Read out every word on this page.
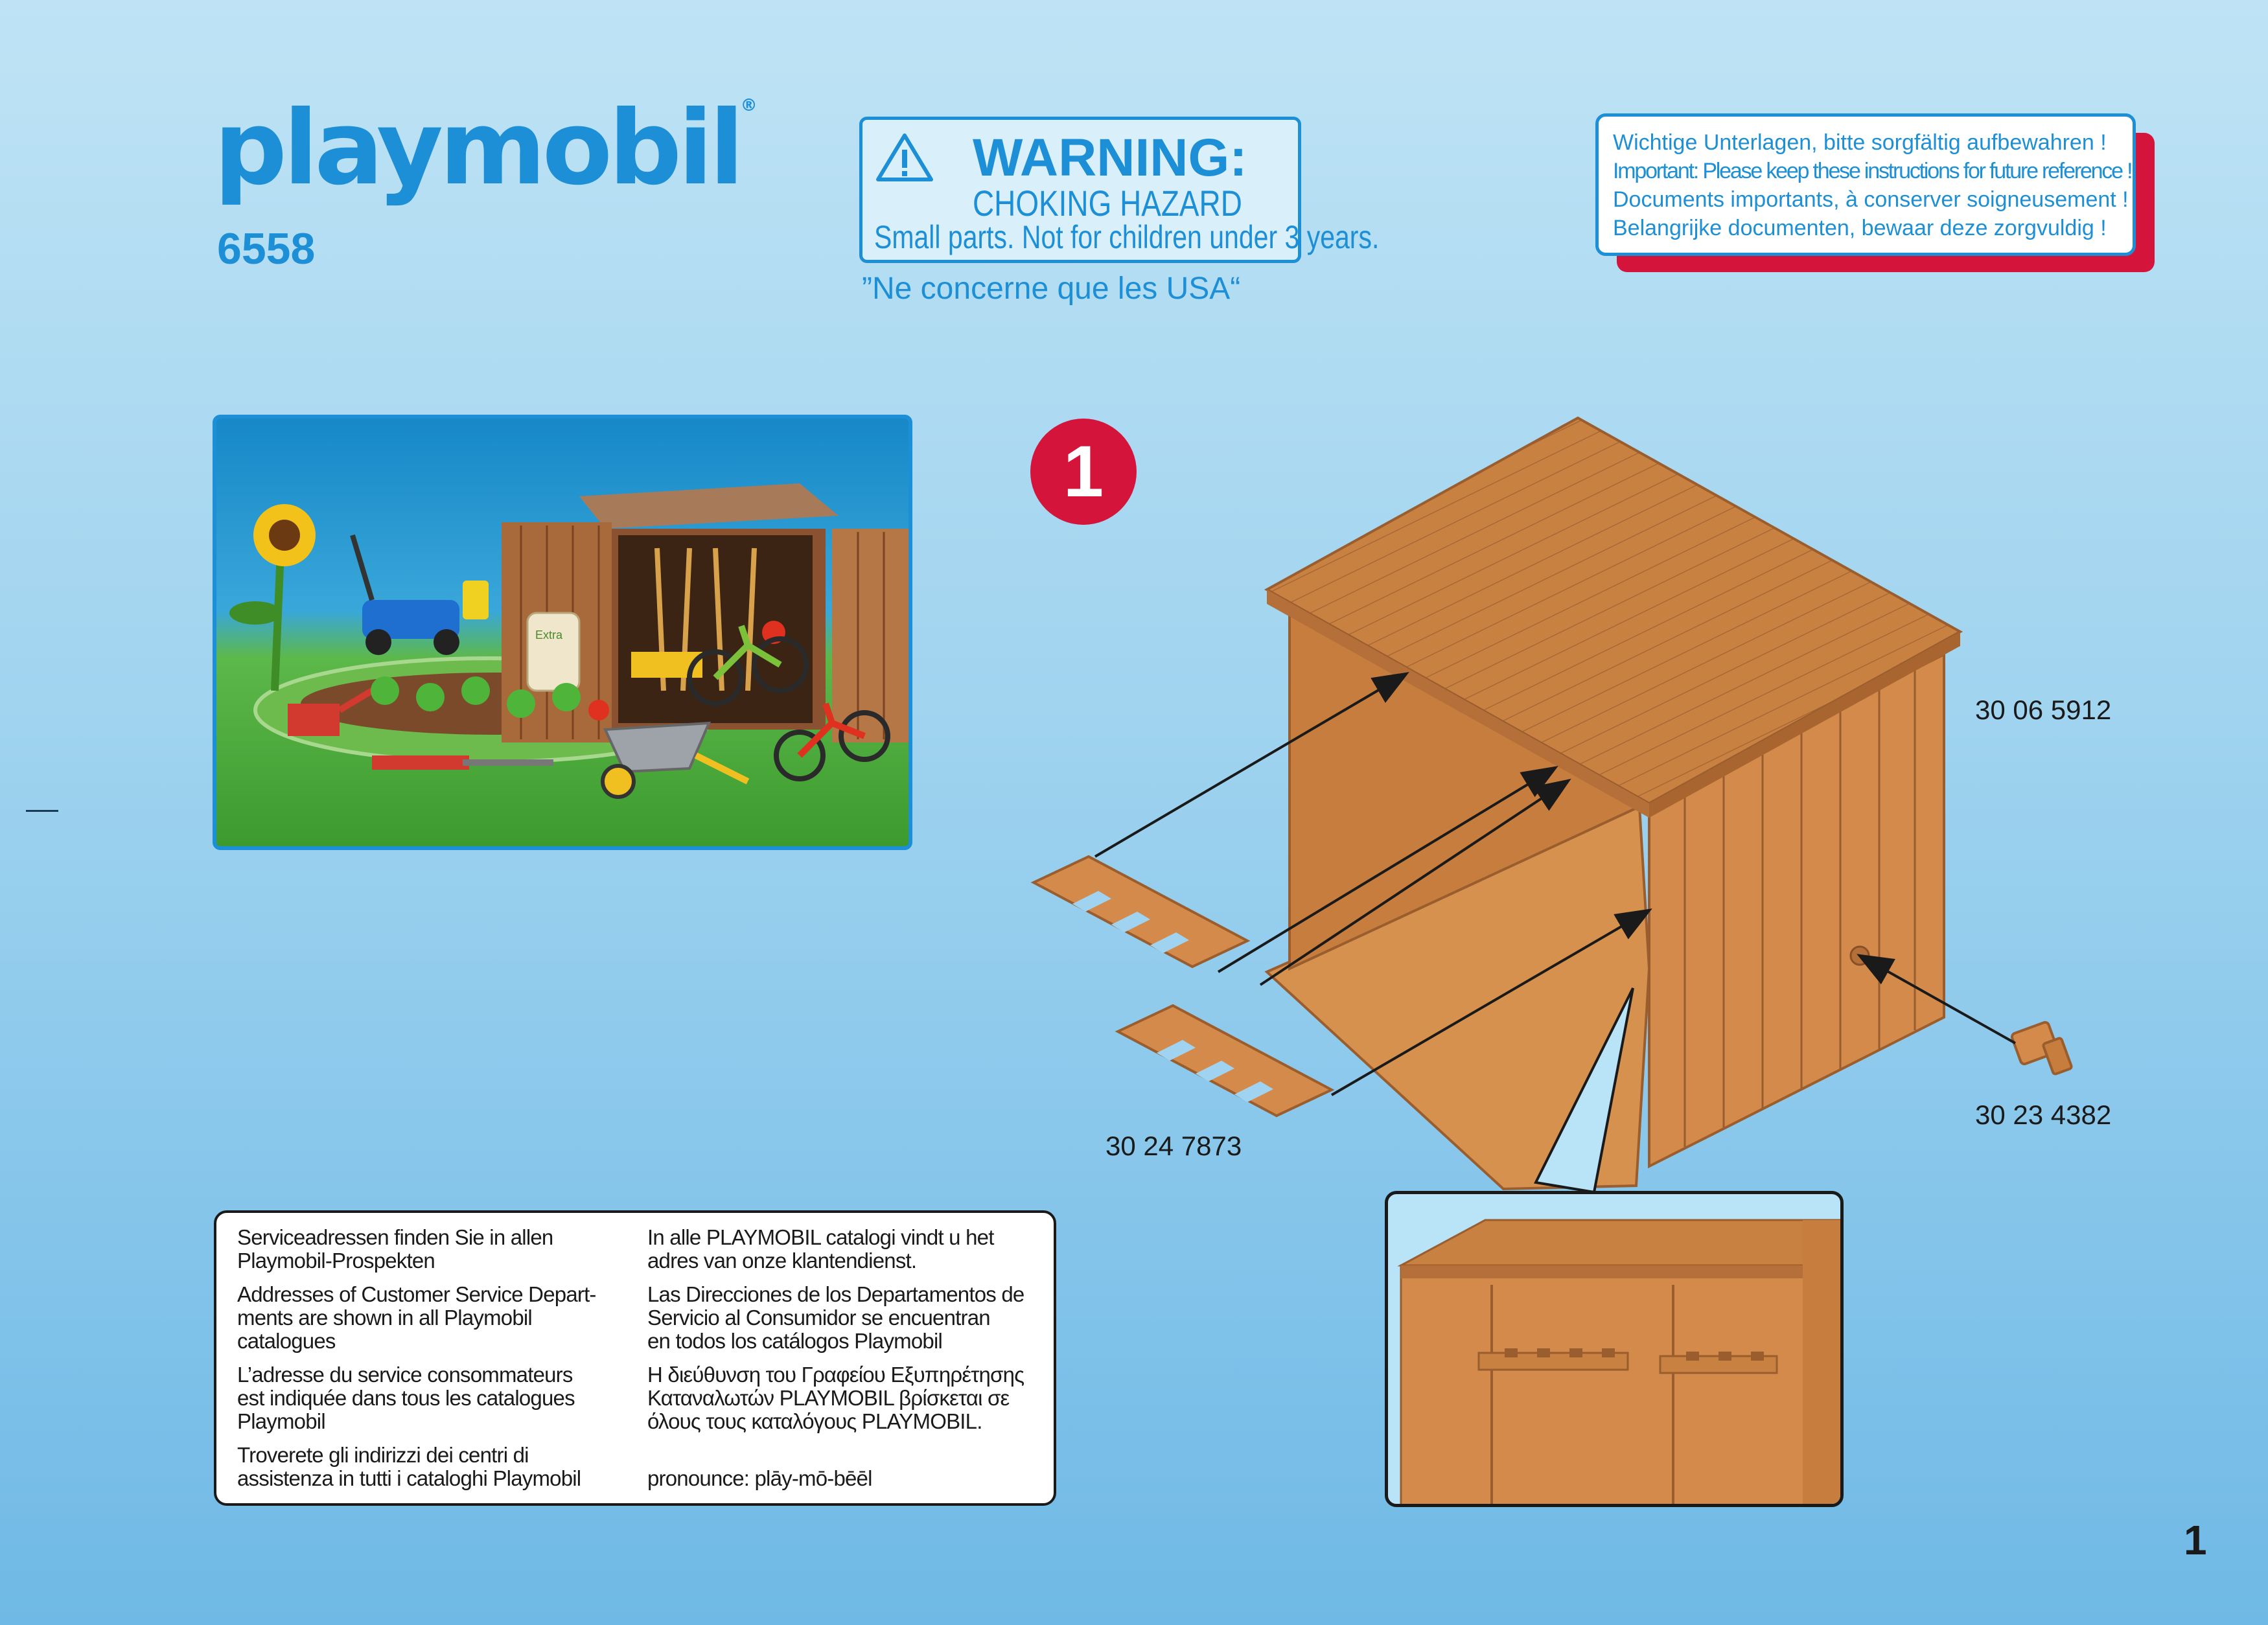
playmobil®
6558
WARNING:
CHOKING HAZARD
Small parts. Not for children under 3 years.
”Ne concerne que les USA“
Wichtige Unterlagen, bitte sorgfältig aufbewahren !
Important: Please keep these instructions for future reference !
Documents importants, à conserver soigneusement !
Belangrijke documenten, bewaar deze zorgvuldig !
Extra
1
30 06 5912
30 24 7873
30 23 4382
Serviceadressen finden Sie in allen
Playmobil-Prospekten
Addresses of Customer Service Depart-
ments are shown in all Playmobil
catalogues
L’adresse du service consommateurs
est indiquée dans tous les catalogues
Playmobil
Troverete gli indirizzi dei centri di
assistenza in tutti i cataloghi Playmobil
In alle PLAYMOBIL catalogi vindt u het
adres van onze klantendienst.
Las Direcciones de los Departamentos de
Servicio al Consumidor se encuentran
en todos los catálogos Playmobil
Η διεύθυνση του Γραφείου Εξυπηρέτησης
Καταναλωτών PLAYMOBIL βρίσκεται σε
όλους τους καταλόγους PLAYMOBIL.
pronounce: plāy-mō-bēēl
1
